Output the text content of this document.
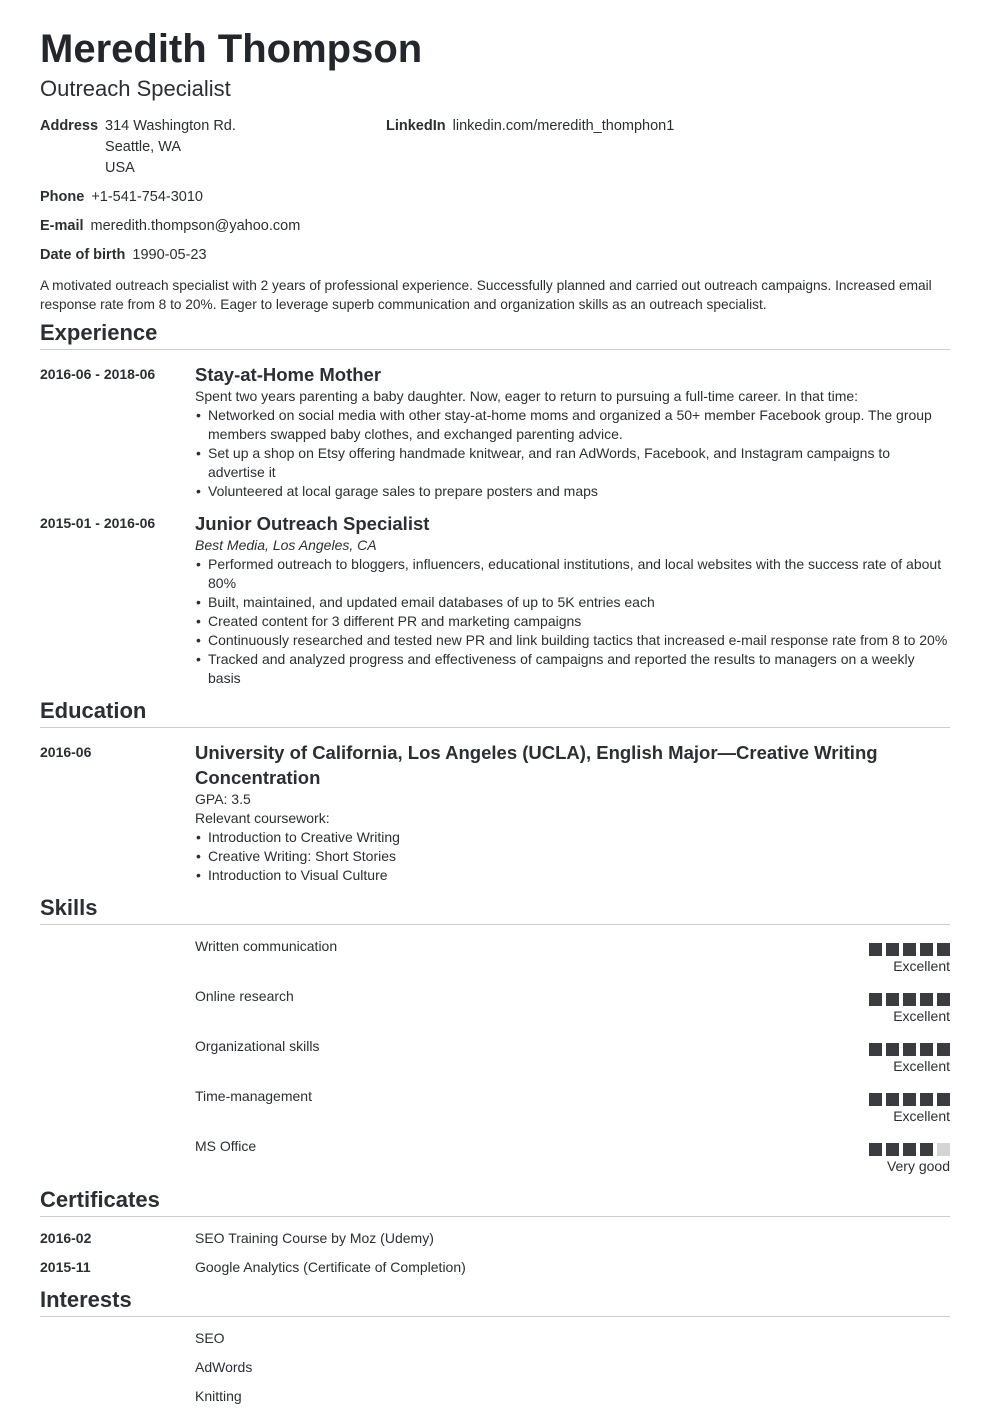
Meredith Thompson
Outreach Specialist
Address 314 Washington Rd.
Seattle, WA
USA
Phone +1-541-754-3010
E-mail meredith.thompson@yahoo.com
Date of birth 1990-05-23
LinkedIn linkedin.com/meredith_thomphon1

A motivated outreach specialist with 2 years of professional experience. Successfully planned and carried out outreach campaigns. Increased email response rate from 8 to 20%. Eager to leverage superb communication and organization skills as an outreach specialist.

Experience
2016-06 - 2018-06	Stay-at-Home Mother
Spent two years parenting a baby daughter. Now, eager to return to pursuing a full-time career. In that time:
• Networked on social media with other stay-at-home moms and organized a 50+ member Facebook group. The group members swapped baby clothes, and exchanged parenting advice.
• Set up a shop on Etsy offering handmade knitwear, and ran AdWords, Facebook, and Instagram campaigns to advertise it
• Volunteered at local garage sales to prepare posters and maps
2015-01 - 2016-06	Junior Outreach Specialist
Best Media, Los Angeles, CA
• Performed outreach to bloggers, influencers, educational institutions, and local websites with the success rate of about 80%
• Built, maintained, and updated email databases of up to 5K entries each
• Created content for 3 different PR and marketing campaigns
• Continuously researched and tested new PR and link building tactics that increased e-mail response rate from 8 to 20%
• Tracked and analyzed progress and effectiveness of campaigns and reported the results to managers on a weekly basis
Education
2016-06	University of California, Los Angeles (UCLA), English Major—Creative Writing Concentration
GPA: 3.5
Relevant coursework:
• Introduction to Creative Writing
• Creative Writing: Short Stories
• Introduction to Visual Culture
Skills
Written communication
Excellent
Online research
Excellent
Organizational skills
Excellent
Time-management
Excellent
MS Office
Very good
Certificates
2016-02	SEO Training Course by Moz (Udemy)
2015-11	Google Analytics (Certificate of Completion)
Interests
SEO
AdWords
Knitting
